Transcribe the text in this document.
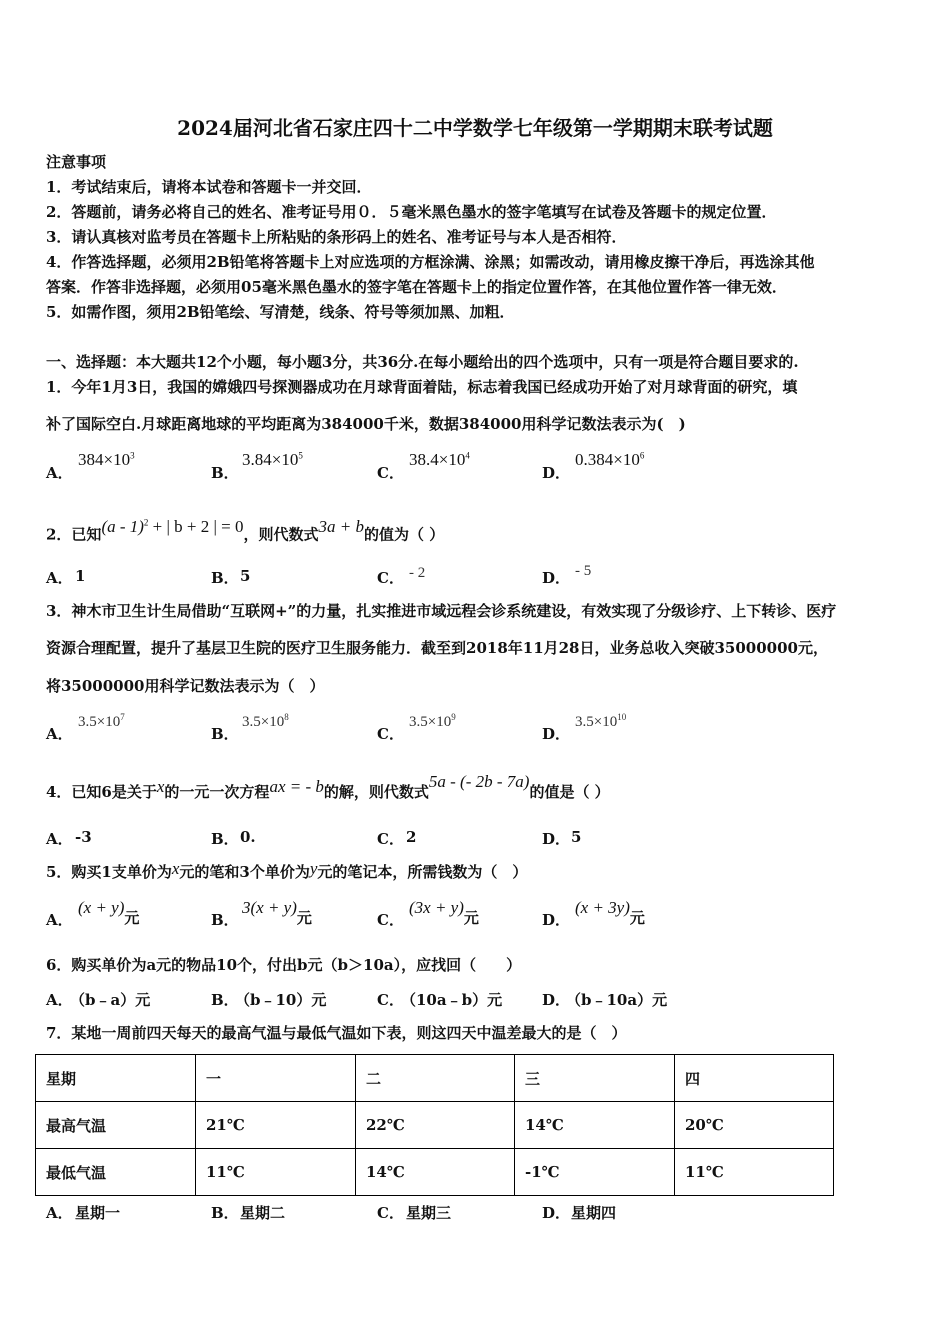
2024届河北省石家庄四十二中学数学七年级第一学期期末联考试题
注意事项
1．考试结束后，请将本试卷和答题卡一并交回．
2．答题前，请务必将自己的姓名、准考证号用０．５毫米黑色墨水的签字笔填写在试卷及答题卡的规定位置．
3．请认真核对监考员在答题卡上所粘贴的条形码上的姓名、准考证号与本人是否相符．
4．作答选择题，必须用2B铅笔将答题卡上对应选项的方框涂满、涂黑；如需改动，请用橡皮擦干净后，再选涂其他
答案．作答非选择题，必须用05毫米黑色墨水的签字笔在答题卡上的指定位置作答，在其他位置作答一律无效．
5．如需作图，须用2B铅笔绘、写清楚，线条、符号等须加黑、加粗．
一、选择题：本大题共12个小题，每小题3分，共36分.在每小题给出的四个选项中，只有一项是符合题目要求的.
1．今年1月3日，我国的嫦娥四号探测器成功在月球背面着陆，标志着我国已经成功开始了对月球背面的研究，填
补了国际空白.月球距离地球的平均距离为384000千米，数据384000用科学记数法表示为(　)
A．
$384\times 10^3$
B．
$3.84\times 10^5$
C．
$38.4\times 10^4$
D．
$0.384\times 10^6$
2．已知(a - 1)$^2$ + | b + 2 | = 0，则代数式3a + b的值为（ ）
A． 1	B． 5	C． - 2	D． - 5
3．神木市卫生计生局借助“互联网+”的力量，扎实推进市域远程会诊系统建设，有效实现了分级诊疗、上下转诊、医疗
资源合理配置，提升了基层卫生院的医疗卫生服务能力．截至到2018年11月28日，业务总收入突破35000000元，
将35000000用科学记数法表示为（　）
A．
$3.5\times 10^7$
B．
$3.5\times 10^8$
C．
$3.5\times 10^9$
D．
$3.5\times 10^{10}$
4．已知6是关于x的一元一次方程ax = - b的解，则代数式5a - (- 2b - 7a)的值是（ ）
A． -3	B． 0.	C． 2	D． 5
5．购买1支单价为x元的笔和3个单价为y元的笔记本，所需钱数为（　）
A．
(x + y)元	B．
3(x + y)元	C．
(3x + y)元	D．
(x + 3y)元
6．购买单价为a元的物品10个，付出b元（b＞10a），应找回（　　）
A．
（b﹣a）元	B．
（b﹣10）元	C．
（10a﹣b）元	D．
（b﹣10a）元
7．某地一周前四天每天的最高气温与最低气温如下表，则这四天中温差最大的是（　）
星期	一	二	三	四
最高气温	21℃	22℃	14℃	20℃
最低气温	11℃	14℃	-1℃	11℃
A． 星期一	B． 星期二	C． 星期三	D． 星期四
